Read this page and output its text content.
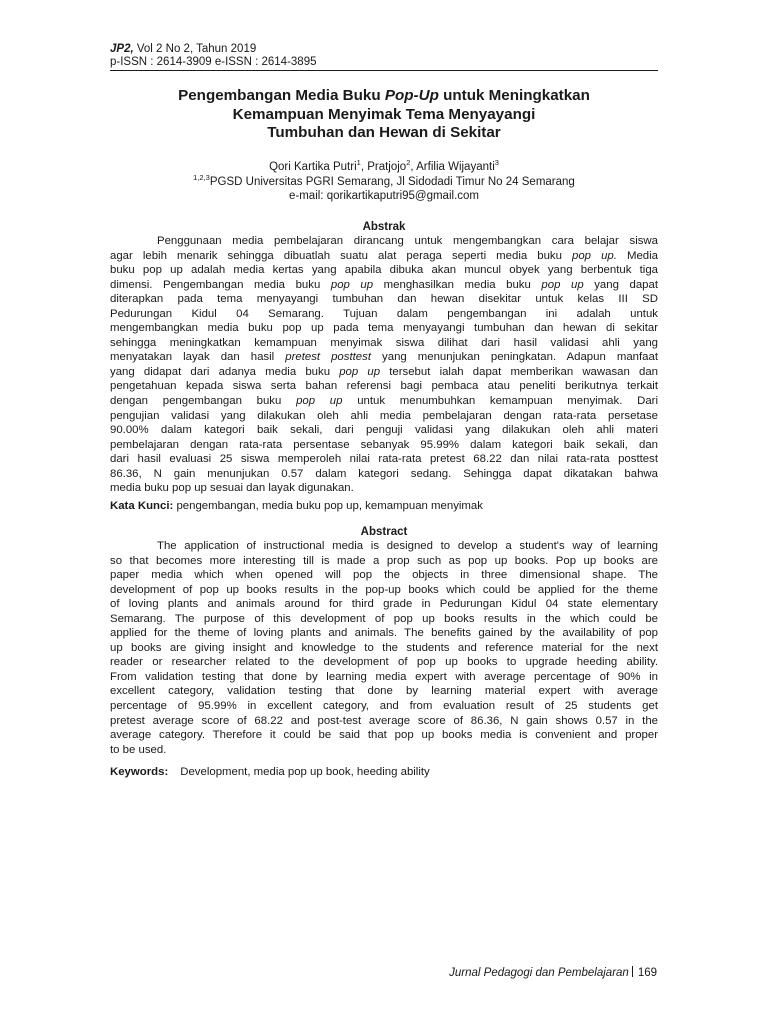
JP2, Vol 2 No 2, Tahun 2019
p-ISSN : 2614-3909 e-ISSN : 2614-3895
Pengembangan Media Buku Pop-Up untuk Meningkatkan
Kemampuan Menyimak Tema Menyayangi
Tumbuhan dan Hewan di Sekitar
Qori Kartika Putri$^1$, Pratjojo$^2$, Arfilia Wijayanti$^3$
$^{1,2,3}$PGSD Universitas PGRI Semarang, Jl Sidodadi Timur No 24 Semarang
e-mail: qorikartikaputri95@gmail.com
Abstrak
Penggunaan media pembelajaran dirancang untuk mengembangkan cara belajar siswa
agar lebih menarik sehingga dibuatlah suatu alat peraga seperti media buku pop up. Media
buku pop up adalah media kertas yang apabila dibuka akan muncul obyek yang berbentuk tiga
dimensi. Pengembangan media buku pop up menghasilkan media buku pop up yang dapat
diterapkan pada tema menyayangi tumbuhan dan hewan disekitar untuk kelas III SD
Pedurungan Kidul 04 Semarang. Tujuan dalam pengembangan ini adalah untuk
mengembangkan media buku pop up pada tema menyayangi tumbuhan dan hewan di sekitar
sehingga meningkatkan kemampuan menyimak siswa dilihat dari hasil validasi ahli yang
menyatakan layak dan hasil pretest posttest yang menunjukan peningkatan. Adapun manfaat
yang didapat dari adanya media buku pop up tersebut ialah dapat memberikan wawasan dan
pengetahuan kepada siswa serta bahan referensi bagi pembaca atau peneliti berikutnya terkait
dengan pengembangan buku pop up untuk menumbuhkan kemampuan menyimak. Dari
pengujian validasi yang dilakukan oleh ahli media pembelajaran dengan rata-rata persetase
90.00% dalam kategori baik sekali, dari penguji validasi yang dilakukan oleh ahli materi
pembelajaran dengan rata-rata persentase sebanyak 95.99% dalam kategori baik sekali, dan
dari hasil evaluasi 25 siswa memperoleh nilai rata-rata pretest 68.22 dan nilai rata-rata posttest
86.36, N gain menunjukan 0.57 dalam kategori sedang. Sehingga dapat dikatakan bahwa
media buku pop up sesuai dan layak digunakan.
Kata Kunci: pengembangan, media buku pop up, kemampuan menyimak
Abstract
The application of instructional media is designed to develop a student's way of learning
so that becomes more interesting till is made a prop such as pop up books. Pop up books are
paper media which when opened will pop the objects in three dimensional shape. The
development of pop up books results in the pop-up books which could be applied for the theme
of loving plants and animals around for third grade in Pedurungan Kidul 04 state elementary
Semarang. The purpose of this development of pop up books results in the which could be
applied for the theme of loving plants and animals. The benefits gained by the availability of pop
up books are giving insight and knowledge to the students and reference material for the next
reader or researcher related to the development of pop up books to upgrade heeding ability.
From validation testing that done by learning media expert with average percentage of 90% in
excellent category, validation testing that done by learning material expert with average
percentage of 95.99% in excellent category, and from evaluation result of 25 students get
pretest average score of 68.22 and post-test average score of 86.36, N gain shows 0.57 in the
average category. Therefore it could be said that pop up books media is convenient and proper
to be used.
Keywords: Development, media pop up book, heeding ability
Jurnal Pedagogi dan Pembelajaran 169
